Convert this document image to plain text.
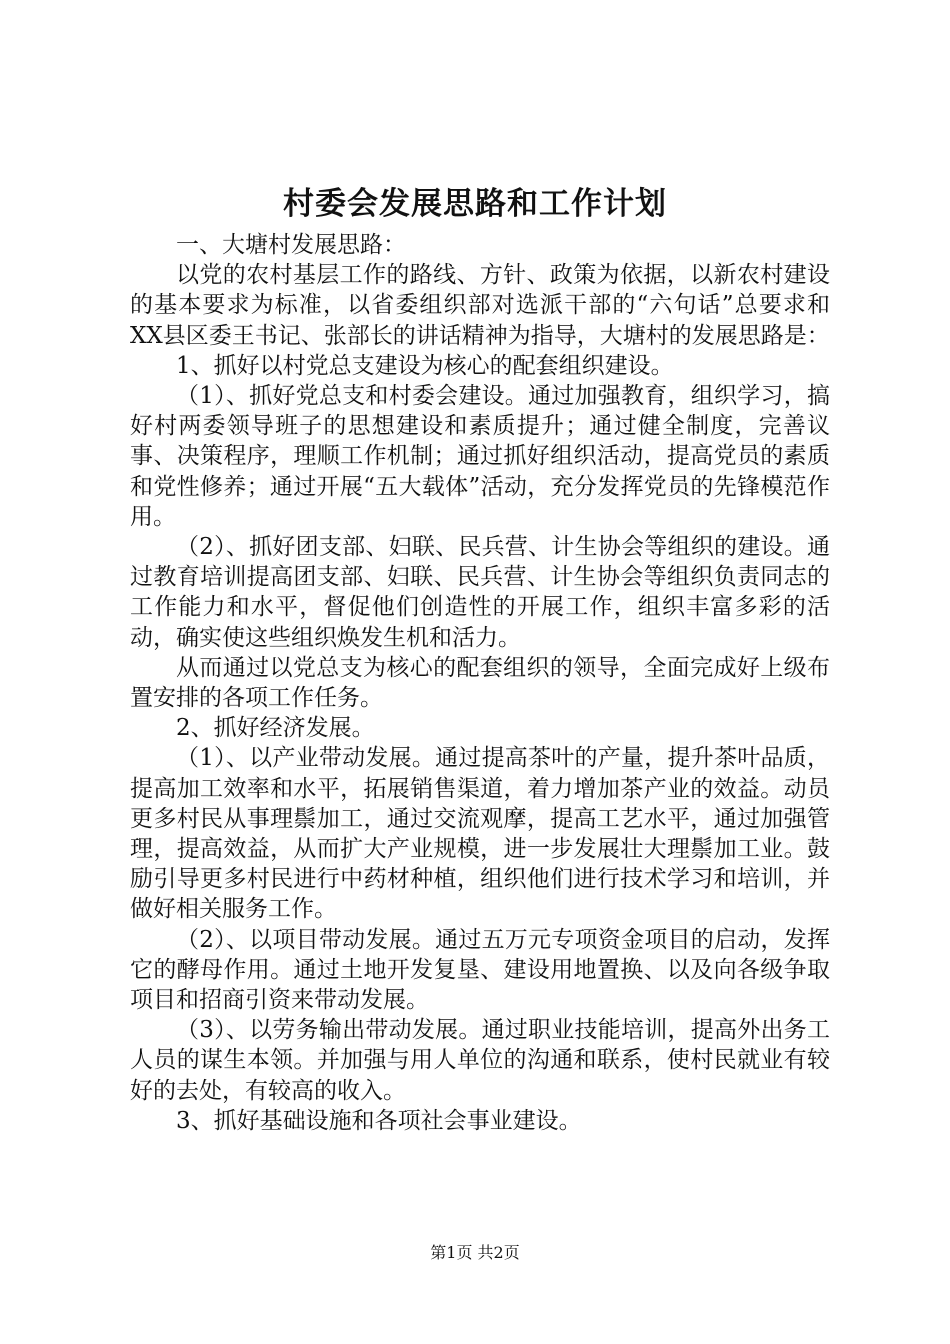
村委会发展思路和工作计划

一、大塘村发展思路：

以党的农村基层工作的路线、方针、政策为依据，以新农村建设的基本要求为标准，以省委组织部对选派干部的“六句话”总要求和XX县区委王书记、张部长的讲话精神为指导，大塘村的发展思路是：

1、抓好以村党总支建设为核心的配套组织建设。

（1）、抓好党总支和村委会建设。通过加强教育，组织学习，搞好村两委领导班子的思想建设和素质提升；通过健全制度，完善议事、决策程序，理顺工作机制；通过抓好组织活动，提高党员的素质和党性修养；通过开展“五大载体”活动，充分发挥党员的先锋模范作用。

（2）、抓好团支部、妇联、民兵营、计生协会等组织的建设。通过教育培训提高团支部、妇联、民兵营、计生协会等组织负责同志的工作能力和水平，督促他们创造性的开展工作，组织丰富多彩的活动，确实使这些组织焕发生机和活力。

从而通过以党总支为核心的配套组织的领导，全面完成好上级布置安排的各项工作任务。

2、抓好经济发展。

（1）、以产业带动发展。通过提高茶叶的产量，提升茶叶品质，提高加工效率和水平，拓展销售渠道，着力增加茶产业的效益。动员更多村民从事理鬃加工，通过交流观摩，提高工艺水平，通过加强管理，提高效益，从而扩大产业规模，进一步发展壮大理鬃加工业。鼓励引导更多村民进行中药材种植，组织他们进行技术学习和培训，并做好相关服务工作。

（2）、以项目带动发展。通过五万元专项资金项目的启动，发挥它的酵母作用。通过土地开发复垦、建设用地置换、以及向各级争取项目和招商引资来带动发展。

（3）、以劳务输出带动发展。通过职业技能培训，提高外出务工人员的谋生本领。并加强与用人单位的沟通和联系，使村民就业有较好的去处，有较高的收入。

3、抓好基础设施和各项社会事业建设。

第1页 共2页
